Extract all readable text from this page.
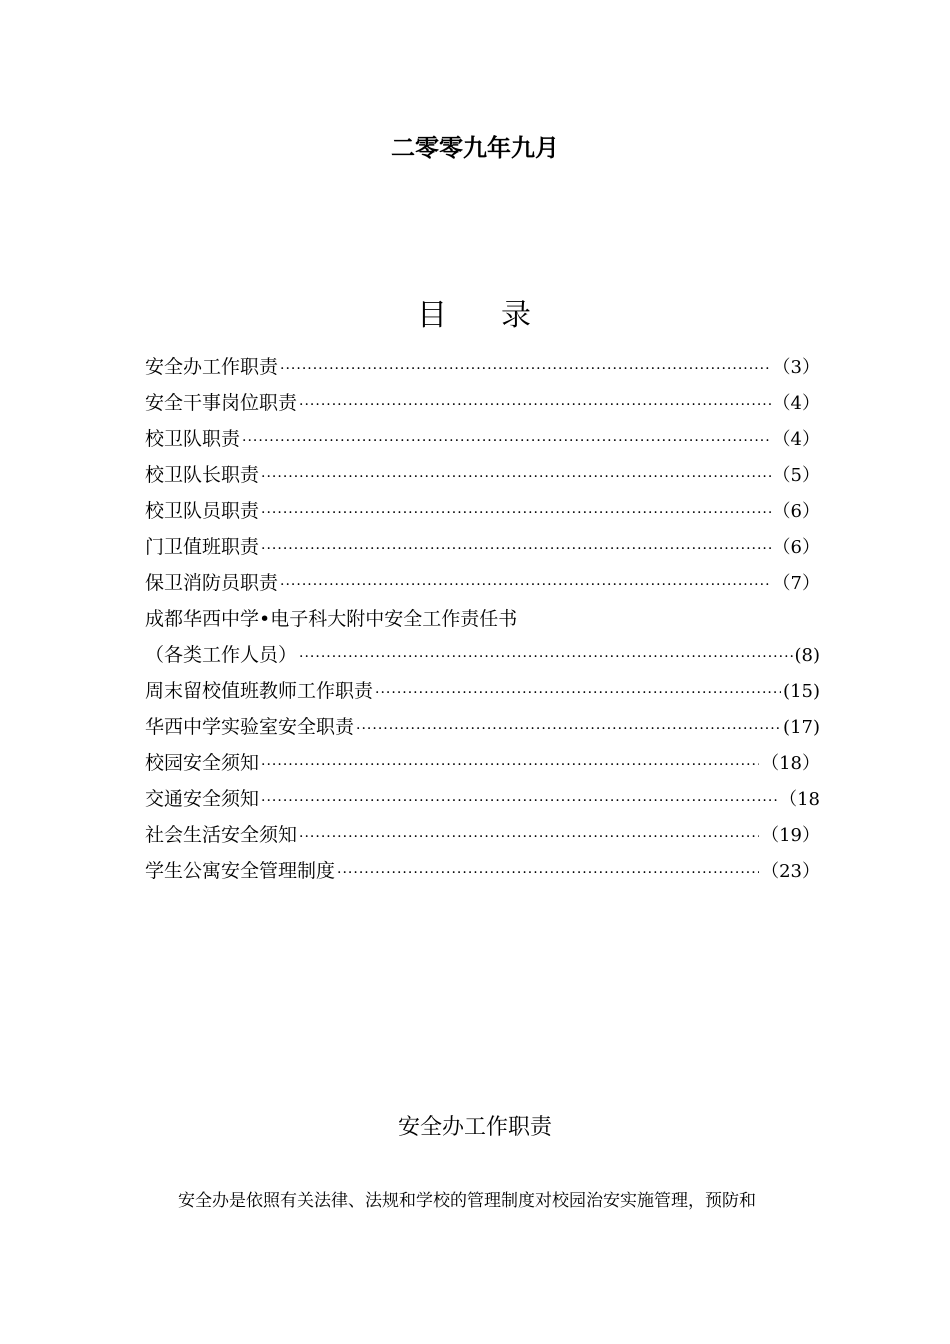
二零零九年九月
目 录
安全办工作职责 ·····	（3）
安全干事岗位职责 ·····	（4）
校卫队职责 ·····	（4）
校卫队长职责 ·····	（5）
校卫队员职责 ·····	（6）
门卫值班职责 ·····	（6）
保卫消防员职责 ·····	（7）
成都华西中学•电子科大附中安全工作责任书
（各类工作人员） ·····	(8)
周末留校值班教师工作职责 ·····	(15)
华西中学实验室安全职责 ·····	(17)
校园安全须知 ·····	（18）
交通安全须知 ·····	（18
社会生活安全须知 ·····	（19）
学生公寓安全管理制度 ·····	（23）
安全办工作职责
安全办是依照有关法律、法规和学校的管理制度对校园治安实施管理，预防和
